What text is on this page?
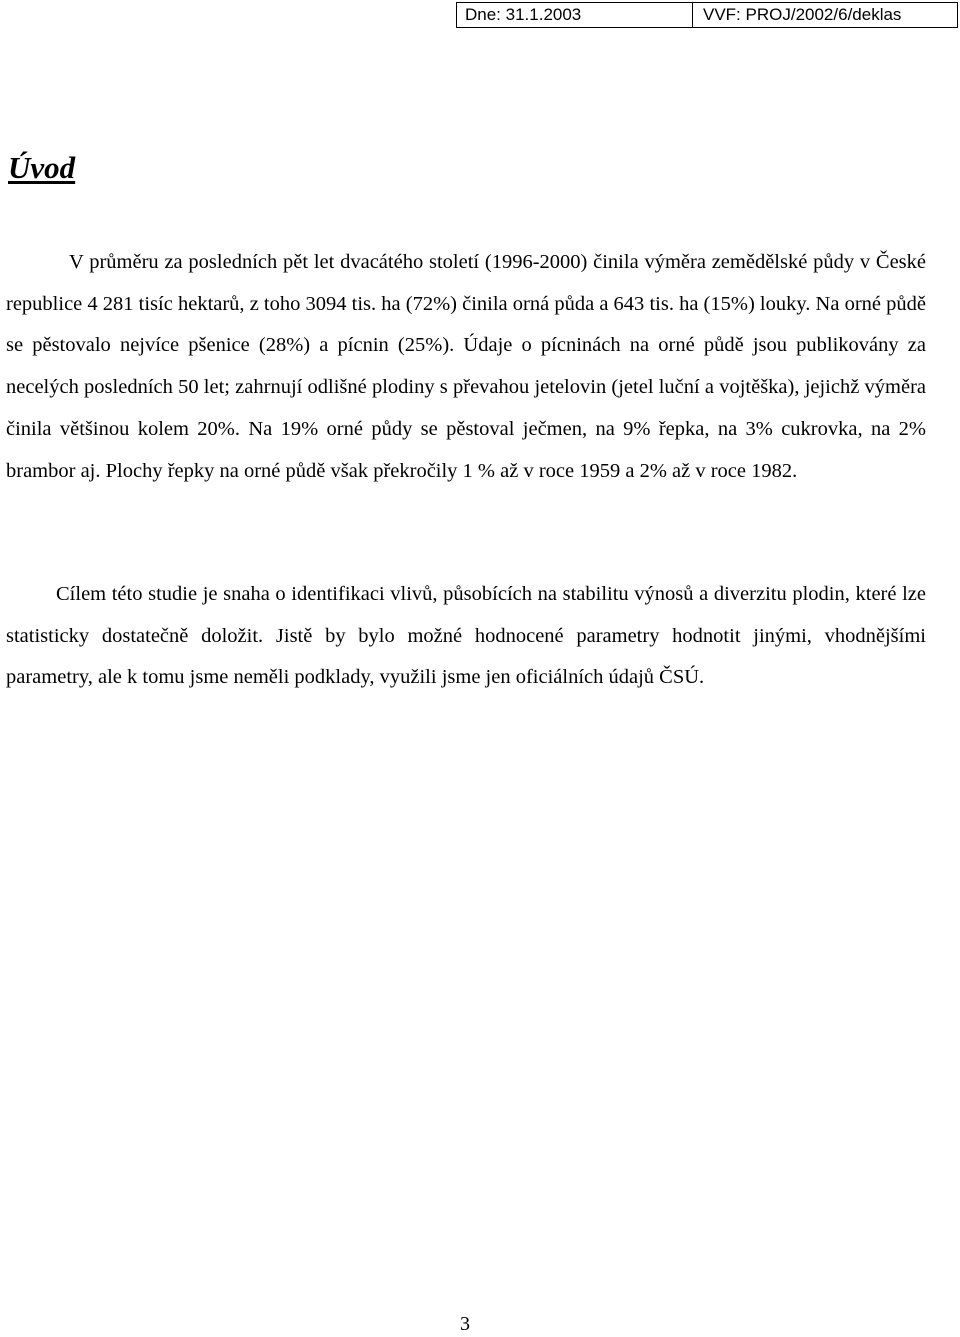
Dne: 31.1.2003	VVF: PROJ/2002/6/deklas
Úvod

V průměru za posledních pět let dvacátého století (1996-2000) činila výměra zemědělské půdy v České republice 4 281 tisíc hektarů, z toho 3094 tis. ha (72%) činila orná půda a 643 tis. ha (15%) louky. Na orné půdě se pěstovalo nejvíce pšenice (28%) a pícnin (25%). Údaje o pícninách na orné půdě jsou publikovány za necelých posledních 50 let; zahrnují odlišné plodiny s převahou jetelovin (jetel luční a vojtěška), jejichž výměra činila většinou kolem 20%. Na 19% orné půdy se pěstoval ječmen, na 9% řepka, na 3% cukrovka, na 2% brambor aj. Plochy řepky na orné půdě však překročily 1 % až v roce 1959 a 2% až v roce 1982.

Cílem této studie je snaha o identifikaci vlivů, působících na stabilitu výnosů a diverzitu plodin, které lze statisticky dostatečně doložit. Jistě by bylo možné hodnocené parametry hodnotit jinými, vhodnějšími parametry, ale k tomu jsme neměli podklady, využili jsme jen oficiálních údajů ČSÚ.

3
